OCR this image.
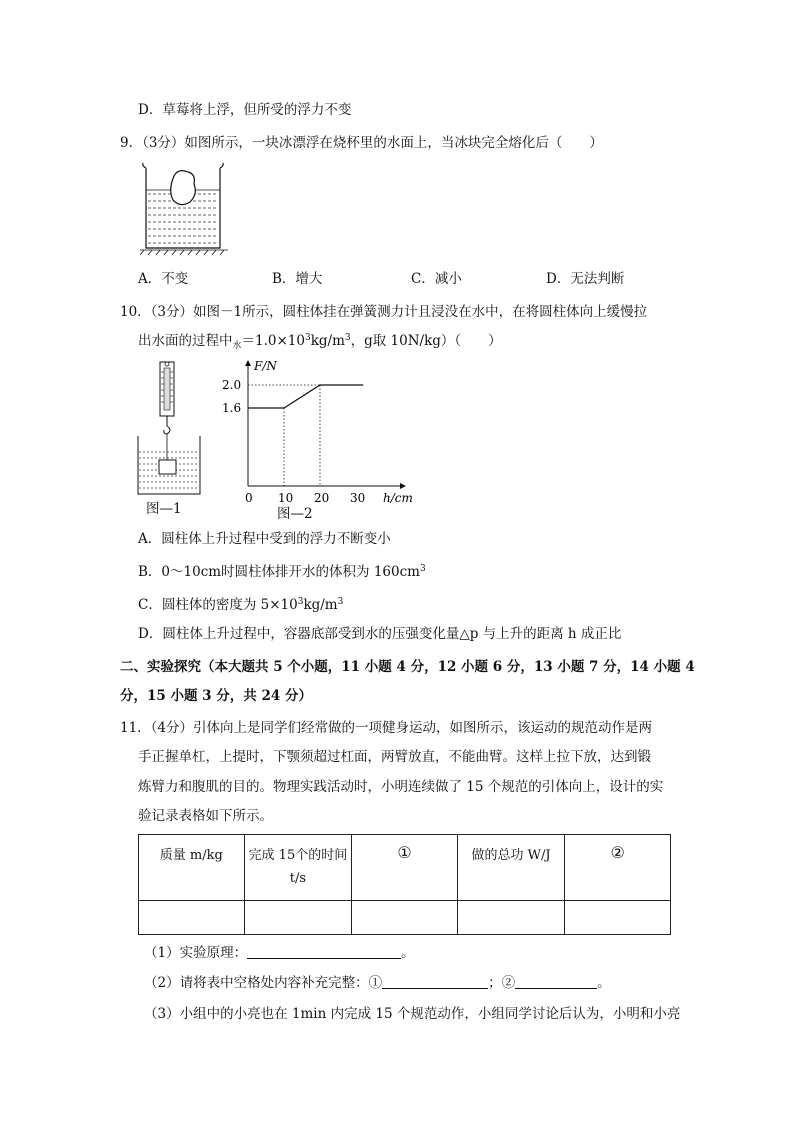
D．草莓将上浮，但所受的浮力不变
9．（3分）如图所示，一块冰漂浮在烧杯里的水面上，当冰块完全熔化后（　　）
A．不变	B．增大	C．减小	D．无法判断
10．（3分）如图－1所示，圆柱体挂在弹簧测力计且浸没在水中，在将圆柱体向上缓慢拉
出水面的过程中$_水=1.0\times 10^3kg/m^3$，g取 10N/kg）（　　）
图—1
F/N
h/cm
0 10 20 30
1.6
2.0
图—2
A．圆柱体上升过程中受到的浮力不断变小
B．0～10cm时圆柱体排开水的体积为 $160cm^3$
C．圆柱体的密度为 $5\times 10^3kg/m^3$
D．圆柱体上升过程中，容器底部受到水的压强变化量△p 与上升的距离 h 成正比
二、实验探究（本大题共 5 个小题，11 小题 4 分，12 小题 6 分，13 小题 7 分，14 小题 4
分，15 小题 3 分，共 24 分）
11．（4分）引体向上是同学们经常做的一项健身运动，如图所示，该运动的规范动作是两
手正握单杠，上提时，下颚须超过杠面，两臂放直，不能曲臂。这样上拉下放，达到锻
炼臂力和腹肌的目的。物理实践活动时，小明连续做了 15 个规范的引体向上，设计的实
验记录表格如下所示。
质量 m/kg	完成 15个的时间
t/s	①	做的总功 W/J	②

（1）实验原理：	。
（2）请将表中空格处内容补充完整：①	；②	。
（3）小组中的小亮也在 1min 内完成 15 个规范动作，小组同学讨论后认为，小明和小亮
